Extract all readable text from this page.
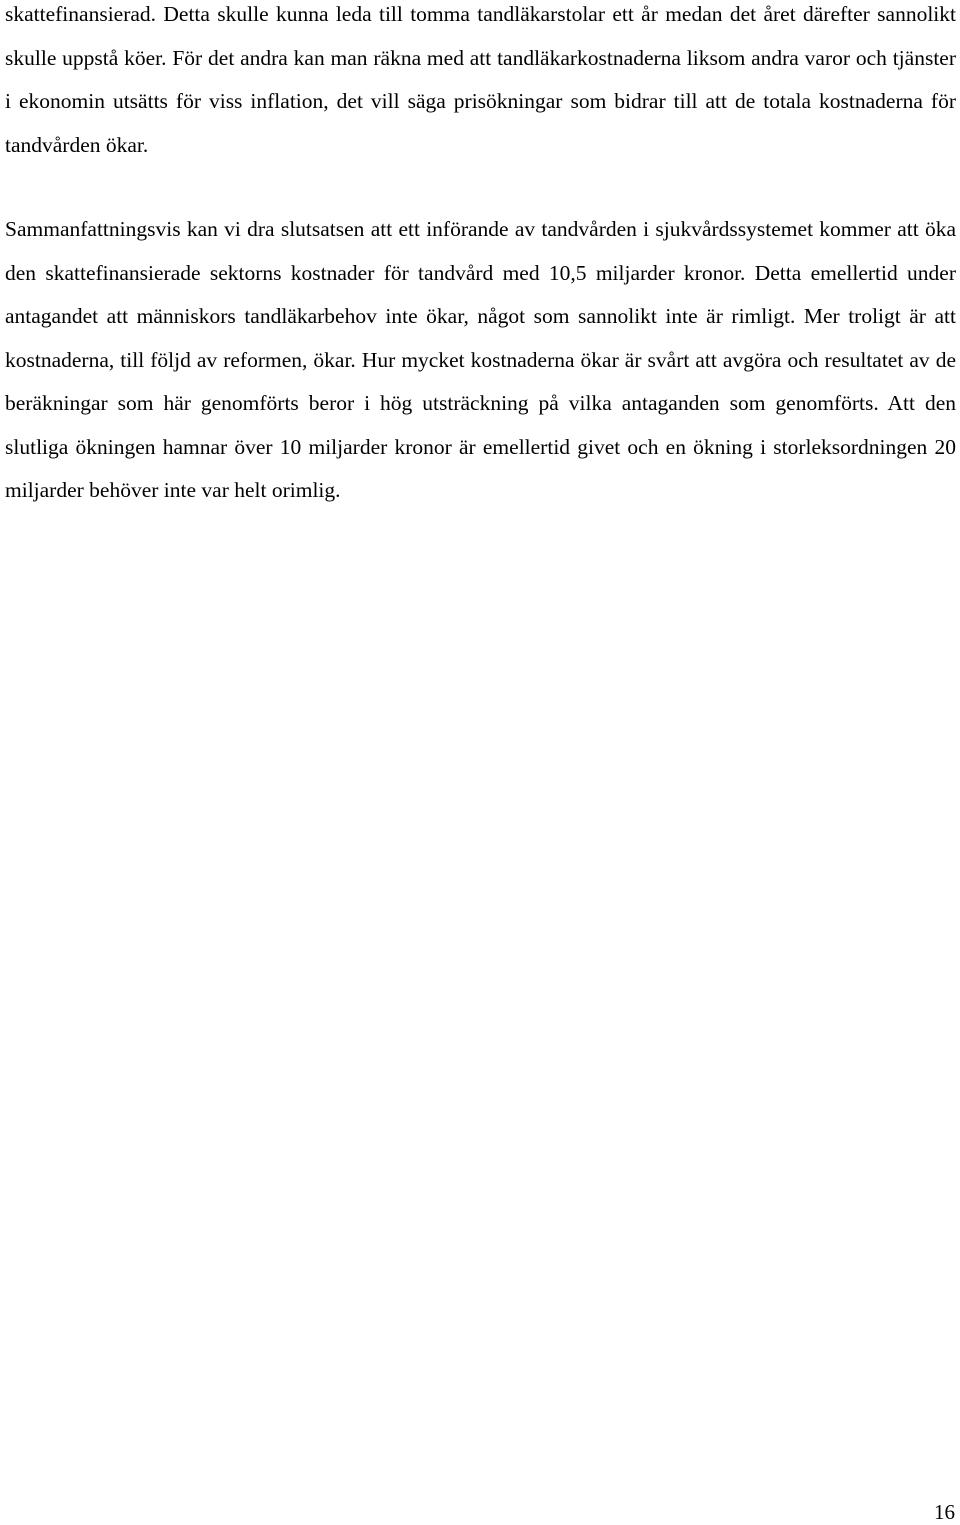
skattefinansierad. Detta skulle kunna leda till tomma tandläkarstolar ett år medan det året därefter sannolikt skulle uppstå köer. För det andra kan man räkna med att tandläkarkostnaderna liksom andra varor och tjänster i ekonomin utsätts för viss inflation, det vill säga prisökningar som bidrar till att de totala kostnaderna för tandvården ökar.

Sammanfattningsvis kan vi dra slutsatsen att ett införande av tandvården i sjukvårdssystemet kommer att öka den skattefinansierade sektorns kostnader för tandvård med 10,5 miljarder kronor. Detta emellertid under antagandet att människors tandläkarbehov inte ökar, något som sannolikt inte är rimligt. Mer troligt är att kostnaderna, till följd av reformen, ökar. Hur mycket kostnaderna ökar är svårt att avgöra och resultatet av de beräkningar som här genomförts beror i hög utsträckning på vilka antaganden som genomförts. Att den slutliga ökningen hamnar över 10 miljarder kronor är emellertid givet och en ökning i storleksordningen 20 miljarder behöver inte var helt orimlig.

16
